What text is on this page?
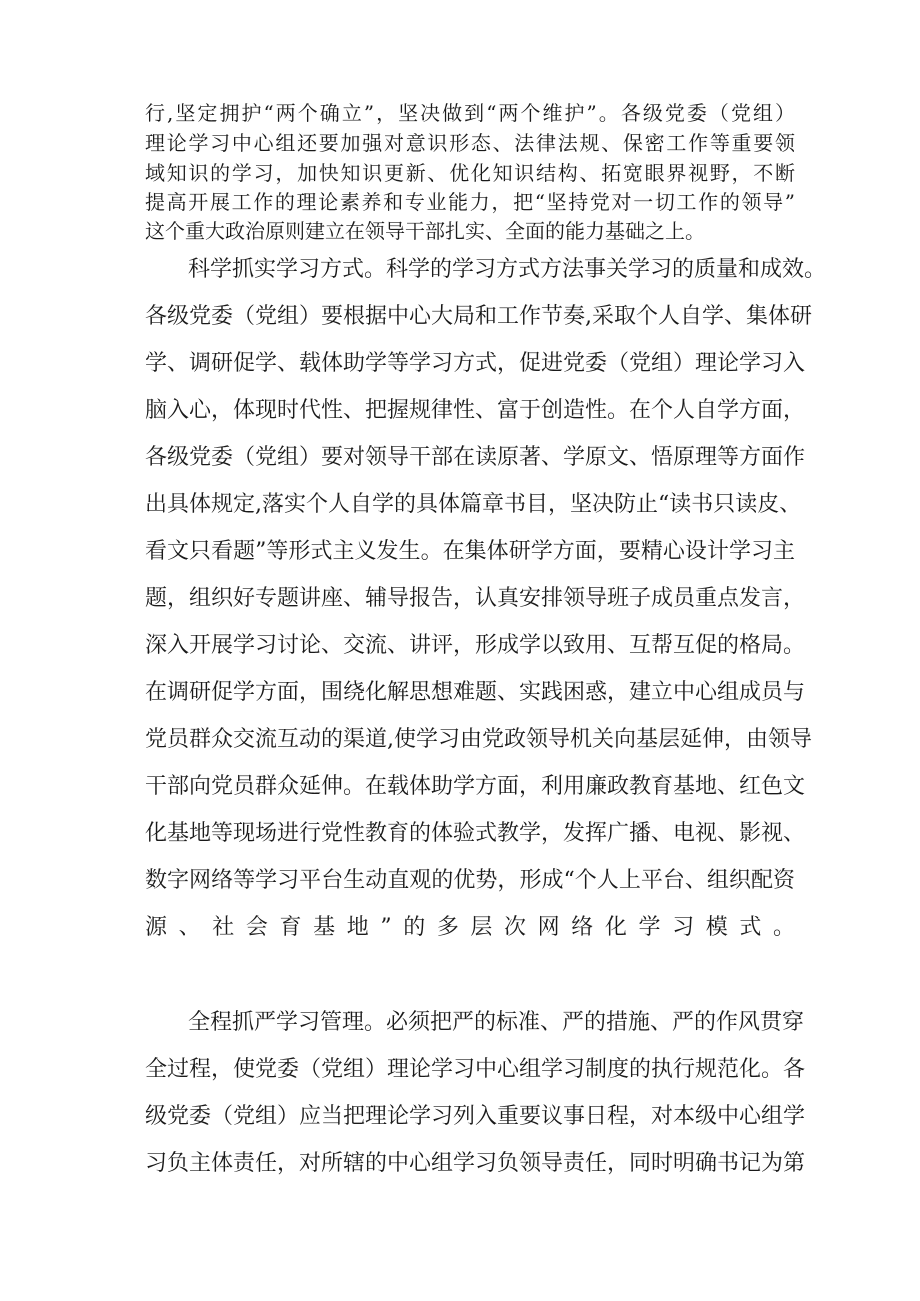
行,坚定拥护“两个确立”，坚决做到“两个维护”。各级党委（党组）

理论学习中心组还要加强对意识形态、法律法规、保密工作等重要领

域知识的学习，加快知识更新、优化知识结构、拓宽眼界视野，不断

提高开展工作的理论素养和专业能力，把“坚持党对一切工作的领导”

这个重大政治原则建立在领导干部扎实、全面的能力基础之上。

科学抓实学习方式。科学的学习方式方法事关学习的质量和成效。

各级党委（党组）要根据中心大局和工作节奏,采取个人自学、集体研

学、调研促学、载体助学等学习方式，促进党委（党组）理论学习入

脑入心，体现时代性、把握规律性、富于创造性。在个人自学方面，

各级党委（党组）要对领导干部在读原著、学原文、悟原理等方面作

出具体规定,落实个人自学的具体篇章书目，坚决防止“读书只读皮、

看文只看题”等形式主义发生。在集体研学方面，要精心设计学习主

题，组织好专题讲座、辅导报告，认真安排领导班子成员重点发言，

深入开展学习讨论、交流、讲评，形成学以致用、互帮互促的格局。

在调研促学方面，围绕化解思想难题、实践困惑，建立中心组成员与

党员群众交流互动的渠道,使学习由党政领导机关向基层延伸，由领导

干部向党员群众延伸。在载体助学方面，利用廉政教育基地、红色文

化基地等现场进行党性教育的体验式教学，发挥广播、电视、影视、

数字网络等学习平台生动直观的优势，形成“个人上平台、组织配资

源、社会育基地”的多层次网络化学习模式。

全程抓严学习管理。必须把严的标准、严的措施、严的作风贯穿

全过程，使党委（党组）理论学习中心组学习制度的执行规范化。各

级党委（党组）应当把理论学习列入重要议事日程，对本级中心组学

习负主体责任，对所辖的中心组学习负领导责任，同时明确书记为第
